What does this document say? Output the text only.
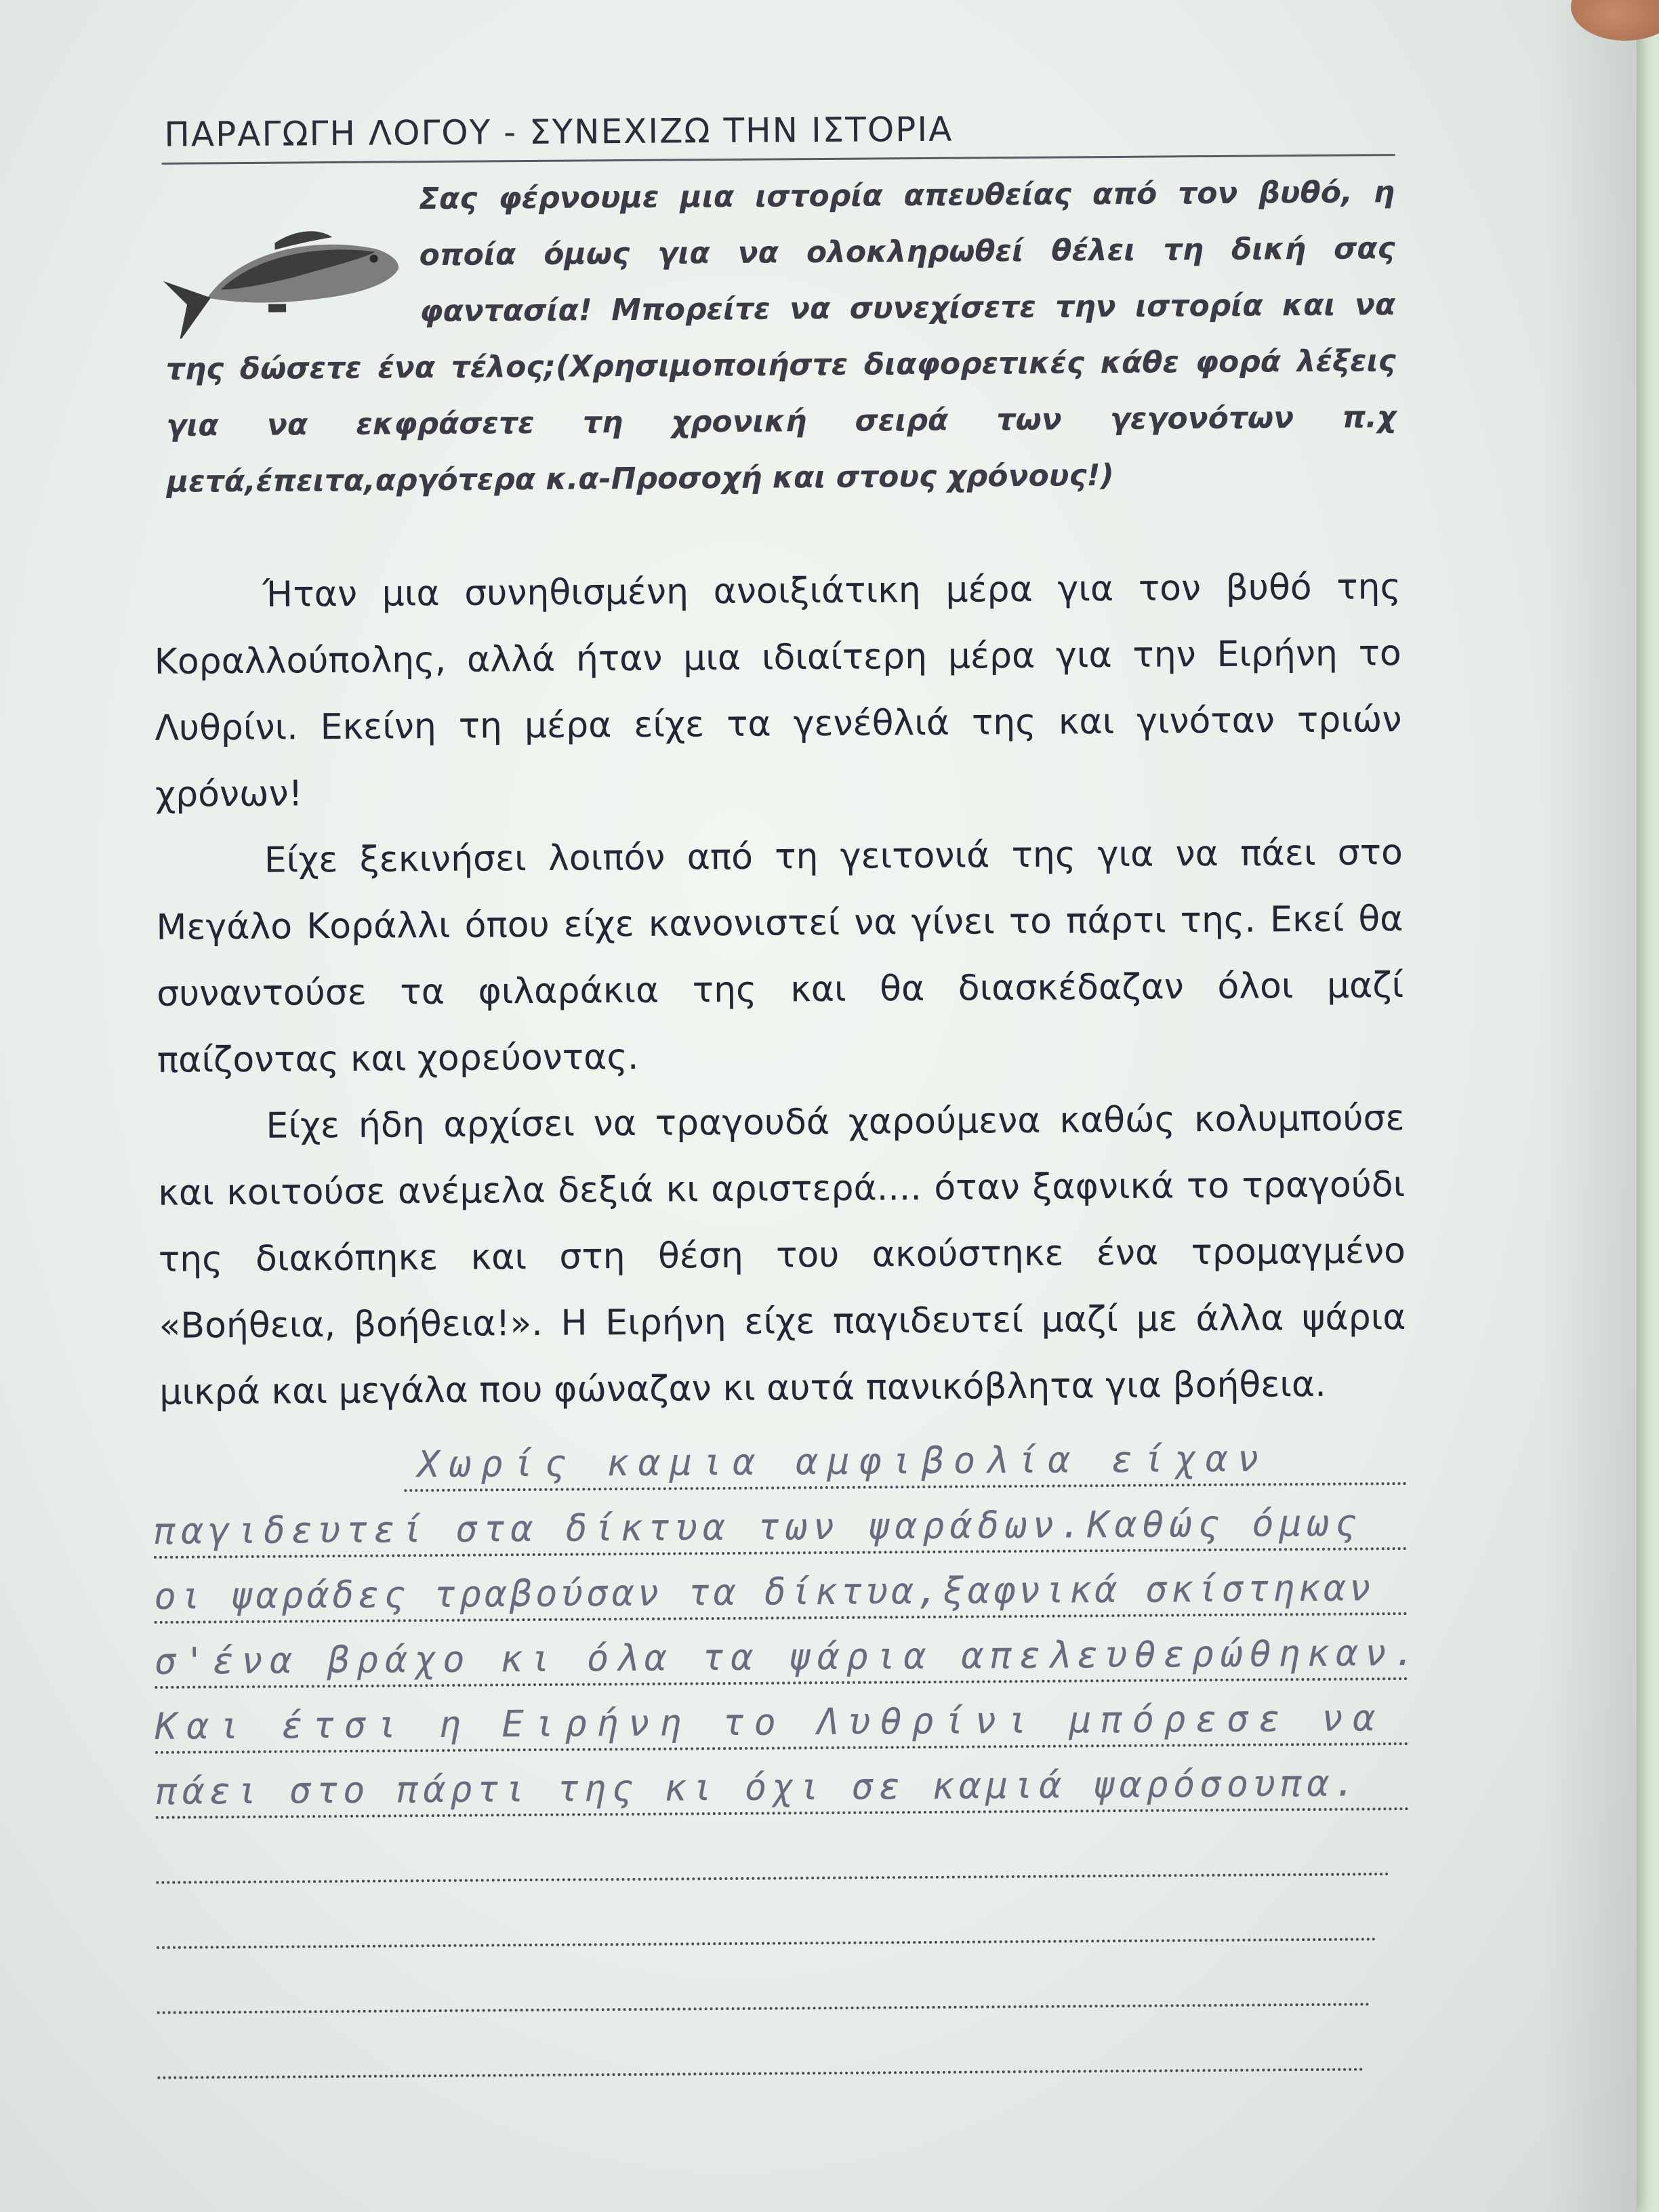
ΠΑΡΑΓΩΓΗ ΛΟΓΟΥ - ΣΥΝΕΧΙΖΩ ΤΗΝ ΙΣΤΟΡΙΑ
Σας φέρνουμε μια ιστορία απευθείας από τον βυθό, η οποία όμως για να ολοκληρωθεί θέλει τη δική σας φαντασία! Μπορείτε να συνεχίσετε την ιστορία και να της δώσετε ένα τέλος;(Χρησιμοποιήστε διαφορετικές κάθε φορά λέξεις για να εκφράσετε τη χρονική σειρά των γεγονότων π.χ μετά,έπειτα,αργότερα κ.α-Προσοχή και στους χρόνους!)

Ήταν μια συνηθισμένη ανοιξιάτικη μέρα για τον βυθό της Κοραλλούπολης, αλλά ήταν μια ιδιαίτερη μέρα για την Ειρήνη το Λυθρίνι. Εκείνη τη μέρα είχε τα γενέθλιά της και γινόταν τριών χρόνων!

Είχε ξεκινήσει λοιπόν από τη γειτονιά της για να πάει στο Μεγάλο Κοράλλι όπου είχε κανονιστεί να γίνει το πάρτι της. Εκεί θα συναντούσε τα φιλαράκια της και θα διασκέδαζαν όλοι μαζί παίζοντας και χορεύοντας.

Είχε ήδη αρχίσει να τραγουδά χαρούμενα καθώς κολυμπούσε και κοιτούσε ανέμελα δεξιά κι αριστερά.... όταν ξαφνικά το τραγούδι της διακόπηκε και στη θέση του ακούστηκε ένα τρομαγμένο «Βοήθεια, βοήθεια!». Η Ειρήνη είχε παγιδευτεί μαζί με άλλα ψάρια μικρά και μεγάλα που φώναζαν κι αυτά πανικόβλητα για βοήθεια.

Χωρίς καμια αμφιβολία είχαν
παγιδευτεί στα δίκτυα των ψαράδων.Καθώς όμως
οι ψαράδες τραβούσαν τα δίκτυα,ξαφνικά σκίστηκαν
σ'ένα βράχο κι όλα τα ψάρια απελευθερώθηκαν.
Και έτσι η Ειρήνη το Λυθρίνι μπόρεσε να
πάει στο πάρτι της κι όχι σε καμιά ψαρόσουπα.
